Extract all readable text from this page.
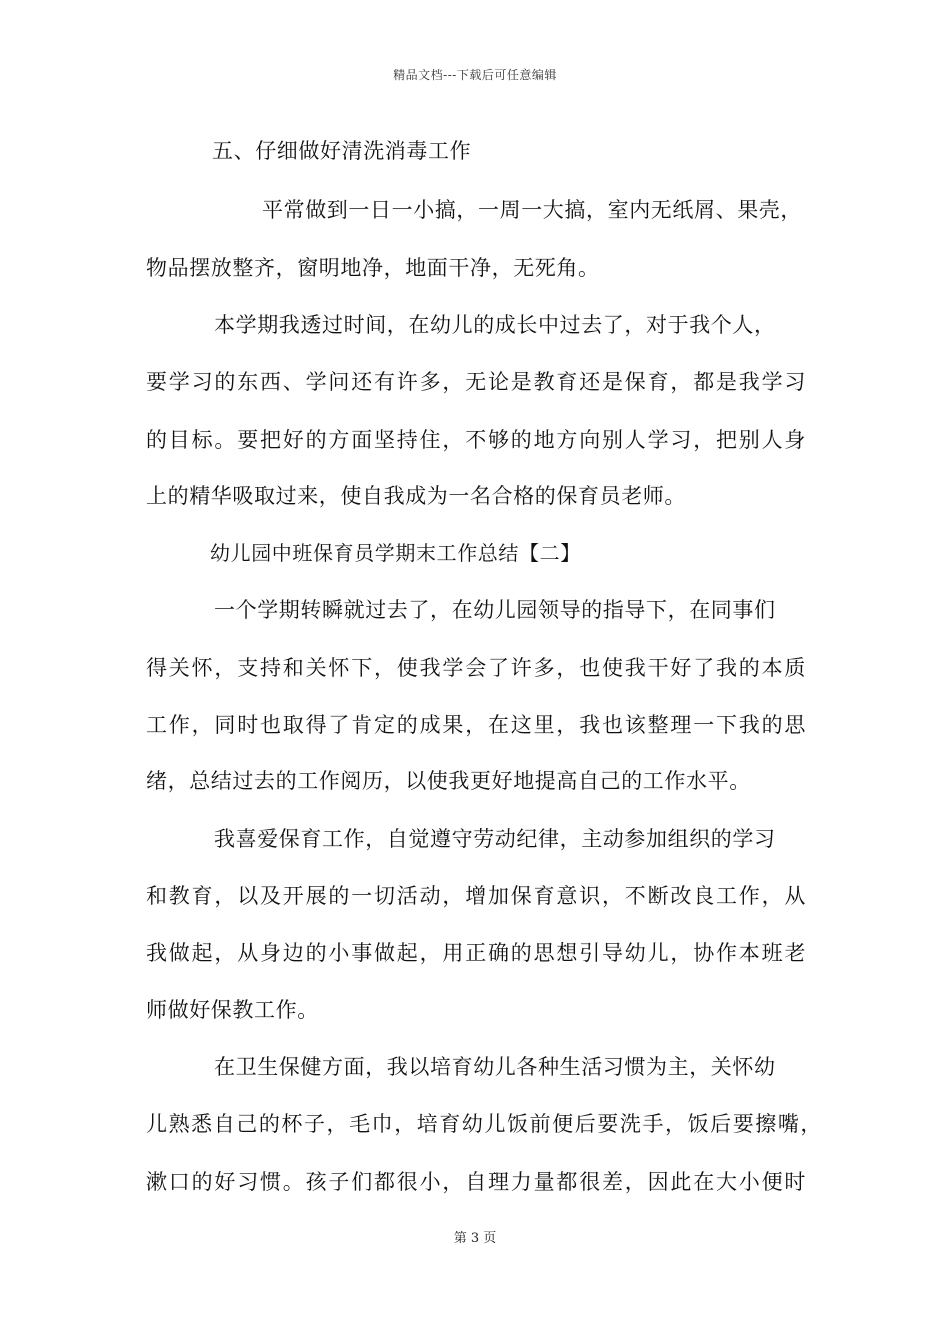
精品文档---下载后可任意编辑
五、仔细做好清洗消毒工作
平常做到一日一小搞，一周一大搞，室内无纸屑、果壳，
物品摆放整齐，窗明地净，地面干净，无死角。
本学期我透过时间，在幼儿的成长中过去了，对于我个人，
要学习的东西、学问还有许多，无论是教育还是保育，都是我学习
的目标。要把好的方面坚持住，不够的地方向别人学习，把别人身
上的精华吸取过来，使自我成为一名合格的保育员老师。
幼儿园中班保育员学期末工作总结【二】
一个学期转瞬就过去了，在幼儿园领导的指导下，在同事们
得关怀，支持和关怀下，使我学会了许多，也使我干好了我的本质
工作，同时也取得了肯定的成果，在这里，我也该整理一下我的思
绪，总结过去的工作阅历，以使我更好地提高自己的工作水平。
我喜爱保育工作，自觉遵守劳动纪律，主动参加组织的学习
和教育，以及开展的一切活动，增加保育意识，不断改良工作，从
我做起，从身边的小事做起，用正确的思想引导幼儿，协作本班老
师做好保教工作。
在卫生保健方面，我以培育幼儿各种生活习惯为主，关怀幼
儿熟悉自己的杯子，毛巾，培育幼儿饭前便后要洗手，饭后要擦嘴，
漱口的好习惯。孩子们都很小，自理力量都很差，因此在大小便时
第 3 页
